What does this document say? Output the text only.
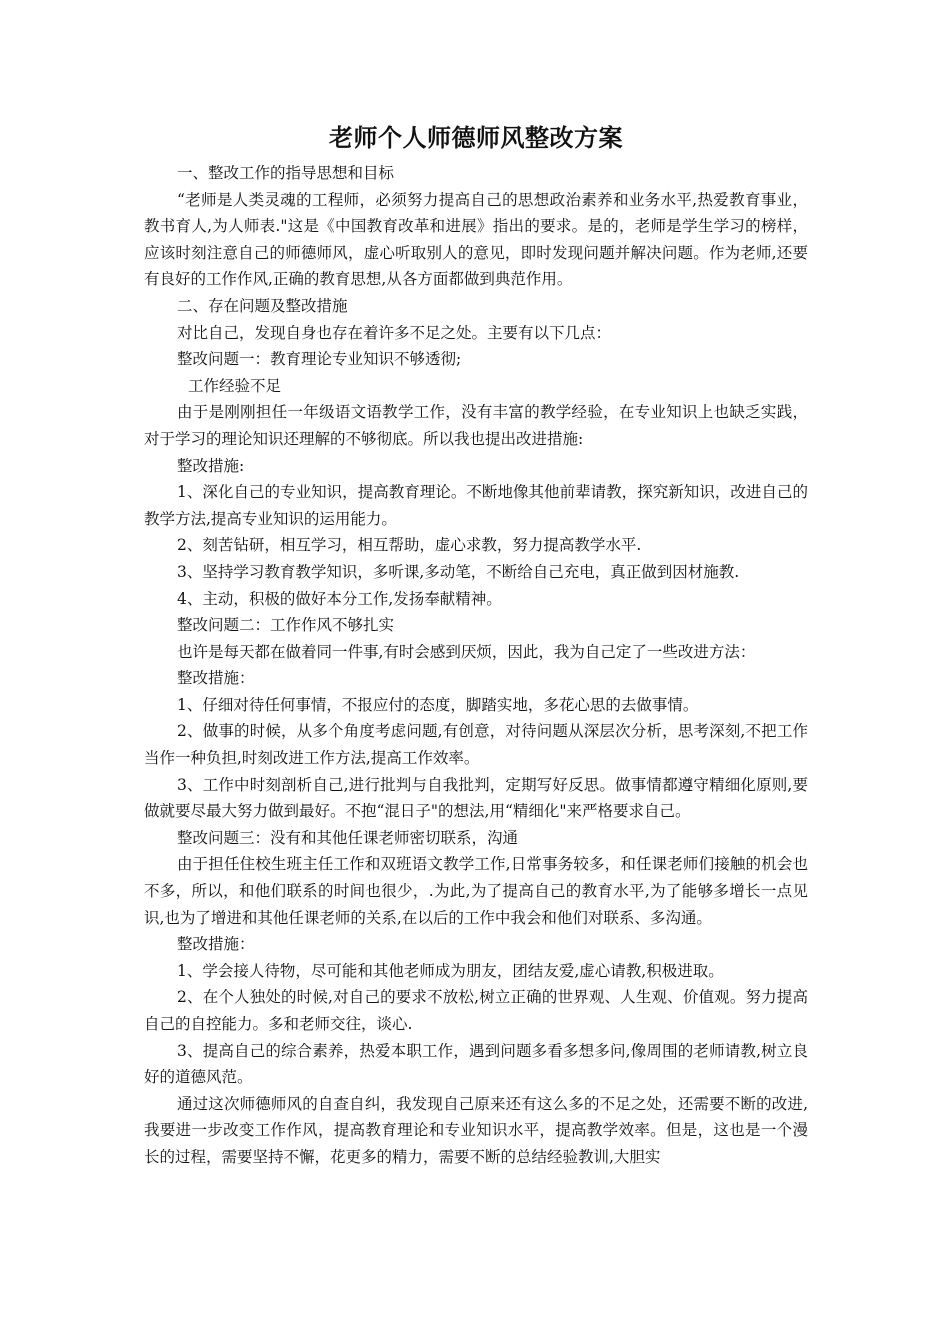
老师个人师德师风整改方案

一、整改工作的指导思想和目标

“老师是人类灵魂的工程师，必须努力提高自己的思想政治素养和业务水平,热爱教育事业，教书育人,为人师表."这是《中国教育改革和进展》指出的要求。是的，老师是学生学习的榜样，应该时刻注意自己的师德师风，虚心听取别人的意见，即时发现问题并解决问题。作为老师,还要有良好的工作作风,正确的教育思想,从各方面都做到典范作用。

二、存在问题及整改措施

对比自己，发现自身也存在着许多不足之处。主要有以下几点：

整改问题一：教育理论专业知识不够透彻;

工作经验不足

由于是刚刚担任一年级语文语教学工作，没有丰富的教学经验，在专业知识上也缺乏实践，对于学习的理论知识还理解的不够彻底。所以我也提出改进措施:

整改措施:

1、深化自己的专业知识，提高教育理论。不断地像其他前辈请教，探究新知识，改进自己的教学方法,提高专业知识的运用能力。

2、刻苦钻研，相互学习，相互帮助，虚心求教，努力提高教学水平.

3、坚持学习教育教学知识，多听课,多动笔，不断给自己充电，真正做到因材施教.

4、主动，积极的做好本分工作,发扬奉献精神。

整改问题二：工作作风不够扎实

也许是每天都在做着同一件事,有时会感到厌烦，因此，我为自己定了一些改进方法：

整改措施：

1、仔细对待任何事情，不报应付的态度，脚踏实地，多花心思的去做事情。

2、做事的时候，从多个角度考虑问题,有创意，对待问题从深层次分析，思考深刻,不把工作当作一种负担,时刻改进工作方法,提高工作效率。

3、工作中时刻剖析自己,进行批判与自我批判，定期写好反思。做事情都遵守精细化原则,要做就要尽最大努力做到最好。不抱“混日子"的想法,用“精细化"来严格要求自己。

整改问题三：没有和其他任课老师密切联系，沟通

由于担任住校生班主任工作和双班语文教学工作,日常事务较多，和任课老师们接触的机会也不多，所以，和他们联系的时间也很少，.为此,为了提高自己的教育水平,为了能够多增长一点见识,也为了增进和其他任课老师的关系,在以后的工作中我会和他们对联系、多沟通。

整改措施：

1、学会接人待物，尽可能和其他老师成为朋友，团结友爱,虚心请教,积极进取。

2、在个人独处的时候,对自己的要求不放松,树立正确的世界观、人生观、价值观。努力提高自己的自控能力。多和老师交往，谈心.

3、提高自己的综合素养，热爱本职工作，遇到问题多看多想多问,像周围的老师请教,树立良好的道德风范。

通过这次师德师风的自查自纠，我发现自己原来还有这么多的不足之处，还需要不断的改进,我要进一步改变工作作风，提高教育理论和专业知识水平，提高教学效率。但是，这也是一个漫长的过程，需要坚持不懈，花更多的精力，需要不断的总结经验教训,大胆实
